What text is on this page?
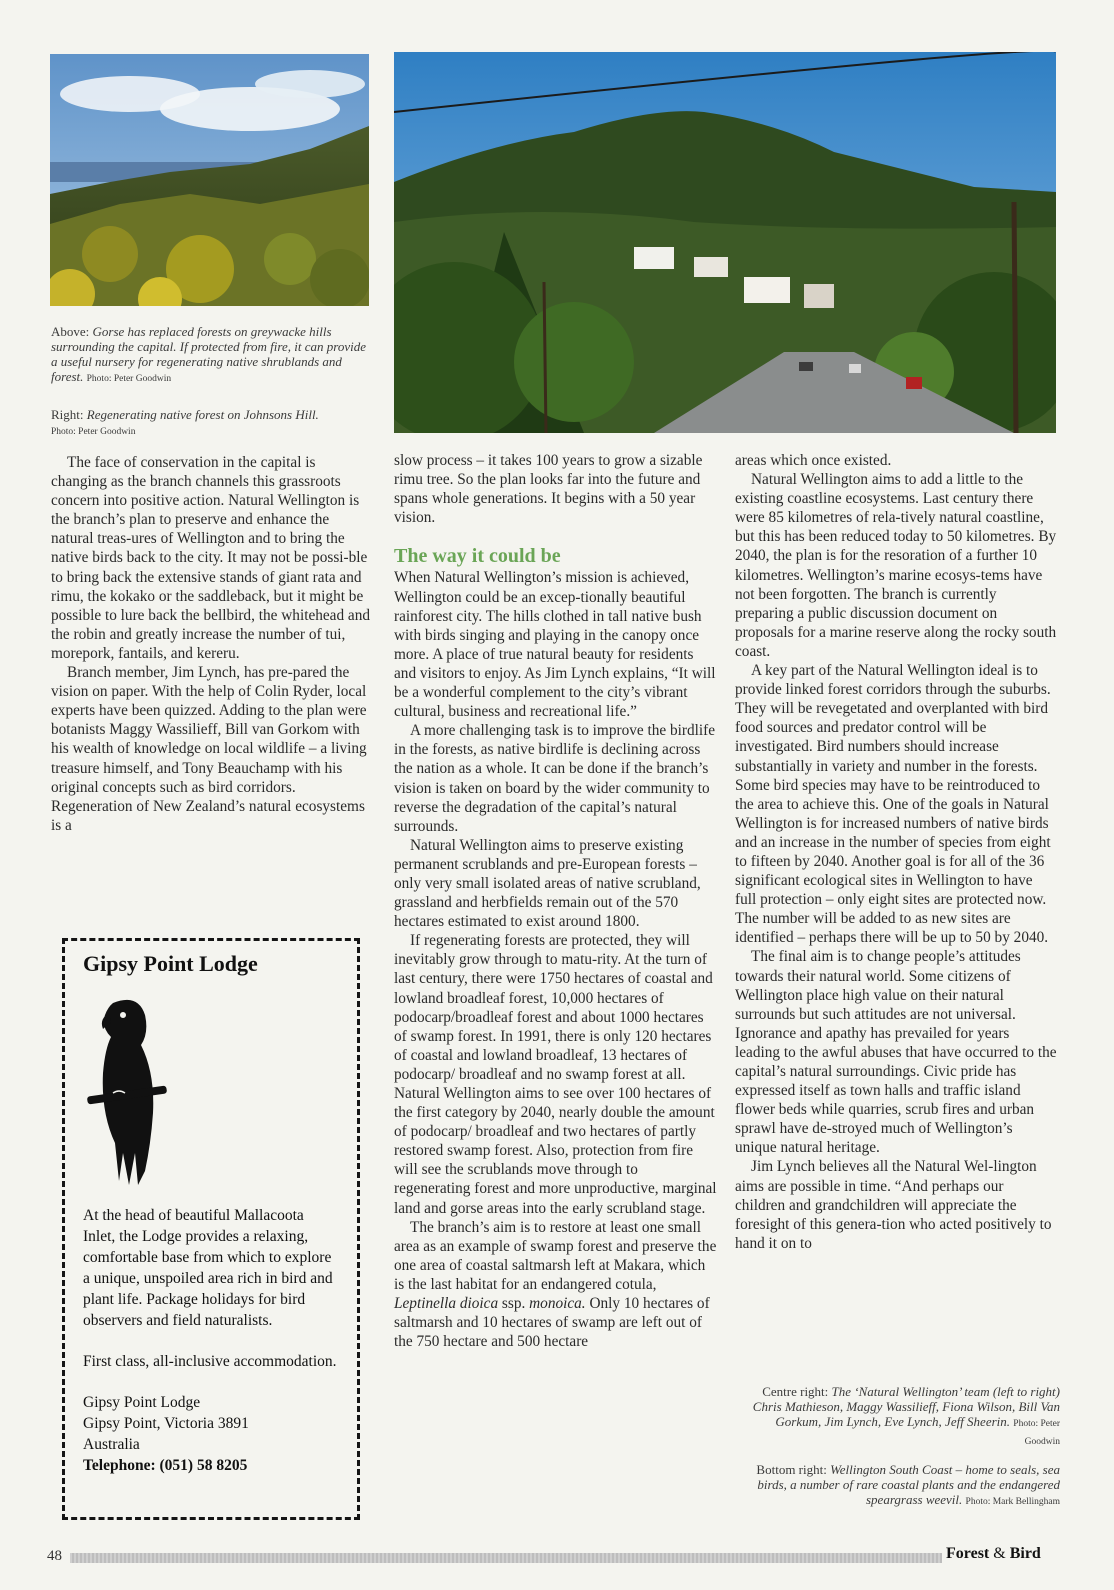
Above: Gorse has replaced forests on greywacke hills surrounding the capital. If protected from fire, it can provide a useful nursery for regenerating native shrublands and forest. Photo: Peter Goodwin
Right: Regenerating native forest on Johnsons Hill.
Photo: Peter Goodwin

The face of conservation in the capital is changing as the branch channels this grassroots concern into positive action. Natural Wellington is the branch’s plan to preserve and enhance the natural treas-ures of Wellington and to bring the native birds back to the city. It may not be possi-ble to bring back the extensive stands of giant rata and rimu, the kokako or the saddleback, but it might be possible to lure back the bellbird, the whitehead and the robin and greatly increase the number of tui, morepork, fantails, and kereru.

Branch member, Jim Lynch, has pre-pared the vision on paper. With the help of Colin Ryder, local experts have been quizzed. Adding to the plan were botanists Maggy Wassilieff, Bill van Gorkom with his wealth of knowledge on local wildlife – a living treasure himself, and Tony Beauchamp with his original concepts such as bird corridors. Regeneration of New Zealand’s natural ecosystems is a

Gipsy Point Lodge

At the head of beautiful Mallacoota Inlet, the Lodge provides a relaxing, comfortable base from which to explore a unique, unspoiled area rich in bird and plant life. Package holidays for bird observers and field naturalists.

First class, all-inclusive accommodation.

Gipsy Point Lodge

Gipsy Point, Victoria 3891

Australia

Telephone: (051) 58 8205

slow process – it takes 100 years to grow a sizable rimu tree. So the plan looks far into the future and spans whole generations. It begins with a 50 year vision.

The way it could be

When Natural Wellington’s mission is achieved, Wellington could be an excep-tionally beautiful rainforest city. The hills clothed in tall native bush with birds singing and playing in the canopy once more. A place of true natural beauty for residents and visitors to enjoy. As Jim Lynch explains, “It will be a wonderful complement to the city’s vibrant cultural, business and recreational life.”

A more challenging task is to improve the birdlife in the forests, as native birdlife is declining across the nation as a whole. It can be done if the branch’s vision is taken on board by the wider community to reverse the degradation of the capital’s natural surrounds.

Natural Wellington aims to preserve existing permanent scrublands and pre-European forests – only very small isolated areas of native scrubland, grassland and herbfields remain out of the 570 hectares estimated to exist around 1800.

If regenerating forests are protected, they will inevitably grow through to matu-rity. At the turn of last century, there were 1750 hectares of coastal and lowland broadleaf forest, 10,000 hectares of podocarp/broadleaf forest and about 1000 hectares of swamp forest. In 1991, there is only 120 hectares of coastal and lowland broadleaf, 13 hectares of podocarp/ broadleaf and no swamp forest at all. Natural Wellington aims to see over 100 hectares of the first category by 2040, nearly double the amount of podocarp/ broadleaf and two hectares of partly restored swamp forest. Also, protection from fire will see the scrublands move through to regenerating forest and more unproductive, marginal land and gorse areas into the early scrubland stage.

The branch’s aim is to restore at least one small area as an example of swamp forest and preserve the one area of coastal saltmarsh left at Makara, which is the last habitat for an endangered cotula, Leptinella dioica ssp. monoica. Only 10 hectares of saltmarsh and 10 hectares of swamp are left out of the 750 hectare and 500 hectare

areas which once existed.

Natural Wellington aims to add a little to the existing coastline ecosystems. Last century there were 85 kilometres of rela-tively natural coastline, but this has been reduced today to 50 kilometres. By 2040, the plan is for the resoration of a further 10 kilometres. Wellington’s marine ecosys-tems have not been forgotten. The branch is currently preparing a public discussion document on proposals for a marine reserve along the rocky south coast.

A key part of the Natural Wellington ideal is to provide linked forest corridors through the suburbs. They will be revegetated and overplanted with bird food sources and predator control will be investigated. Bird numbers should increase substantially in variety and number in the forests. Some bird species may have to be reintroduced to the area to achieve this. One of the goals in Natural Wellington is for increased numbers of native birds and an increase in the number of species from eight to fifteen by 2040. Another goal is for all of the 36 significant ecological sites in Wellington to have full protection – only eight sites are protected now. The number will be added to as new sites are identified – perhaps there will be up to 50 by 2040.

The final aim is to change people’s attitudes towards their natural world. Some citizens of Wellington place high value on their natural surrounds but such attitudes are not universal. Ignorance and apathy has prevailed for years leading to the awful abuses that have occurred to the capital’s natural surroundings. Civic pride has expressed itself as town halls and traffic island flower beds while quarries, scrub fires and urban sprawl have de-stroyed much of Wellington’s unique natural heritage.

Jim Lynch believes all the Natural Wel-lington aims are possible in time. “And perhaps our children and grandchildren will appreciate the foresight of this genera-tion who acted positively to hand it on to

Centre right: The ‘Natural Wellington’ team (left to right) Chris Mathieson, Maggy Wassilieff, Fiona Wilson, Bill Van Gorkum, Jim Lynch, Eve Lynch, Jeff Sheerin. Photo: Peter Goodwin
Bottom right: Wellington South Coast – home to seals, sea birds, a number of rare coastal plants and the endangered speargrass weevil. Photo: Mark Bellingham
48	Forest & Bird
